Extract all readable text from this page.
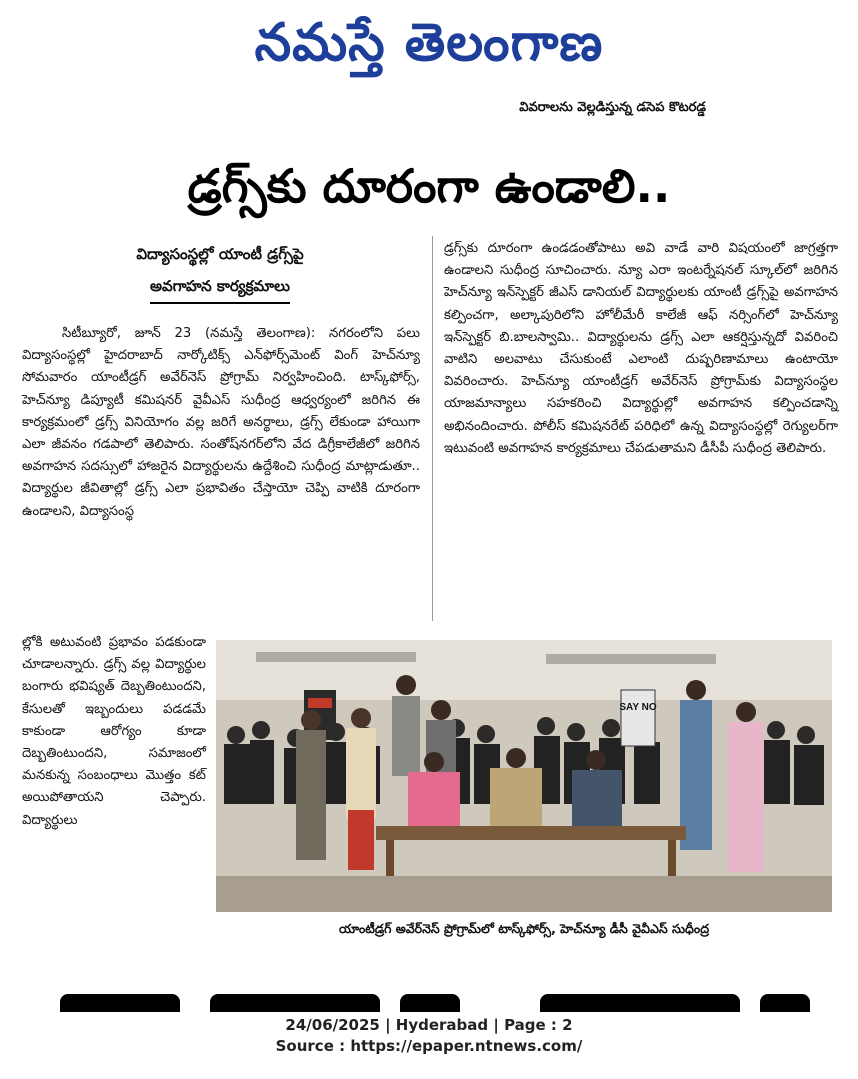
నమస్తే తెలంగాణ
వివరాలను వెల్లడిస్తున్న డసెప కొటరడ్డ
డ్రగ్స్‌కు దూరంగా ఉండాలి..
విద్యాసంస్థల్లో యాంటీ డ్రగ్స్‌పై
అవగాహన కార్యక్రమాలు
సిటీబ్యూరో, జూన్ 23 (నమస్తే తెలంగాణ): నగరంలోని పలు విద్యాసంస్థల్లో హైదరాబాద్ నార్కోటిక్స్ ఎన్‌ఫోర్స్‌మెంట్ వింగ్ హెచ్‌న్యూ సోమవారం యాంటీడ్రగ్ అవేర్‌నెస్ ప్రోగ్రామ్ నిర్వహించింది. టాస్క్‌ఫోర్స్, హెచ్‌న్యూ డిప్యూటీ కమిషనర్ వైవీఎస్ సుధీంద్ర ఆధ్వర్యంలో జరిగిన ఈ కార్యక్రమంలో డ్రగ్స్ వినియోగం వల్ల జరిగే అనర్థాలు, డ్రగ్స్ లేకుండా హాయిగా ఎలా జీవనం గడపాలో తెలిపారు. సంతోష్‌నగర్‌లోని వేద డిగ్రీకాలేజీలో జరిగిన అవగాహన సదస్సులో హాజరైన విద్యార్థులను ఉద్దేశించి సుధీంద్ర మాట్లాడుతూ.. విద్యార్థుల జీవితాల్లో డ్రగ్స్ ఎలా ప్రభావితం చేస్తాయో చెప్పి వాటికి దూరంగా ఉండాలని, విద్యాసంస్థ
ల్లోకి అటువంటి ప్రభావం పడకుండా చూడాలన్నారు. డ్రగ్స్ వల్ల విద్యార్థుల బంగారు భవిష్యత్ దెబ్బతింటుందని, కేసులతో ఇబ్బందులు పడడమే కాకుండా ఆరోగ్యం కూడా దెబ్బతింటుందని, సమాజంలో మనకున్న సంబంధాలు మొత్తం కట్ అయిపోతాయని చెప్పారు. విద్యార్థులు
డ్రగ్స్‌కు దూరంగా ఉండడంతోపాటు అవి వాడే వారి విషయంలో జాగ్రత్తగా ఉండాలని సుధీంద్ర సూచించారు. న్యూ ఎరా ఇంటర్నేషనల్ స్కూల్‌లో జరిగిన హెచ్‌న్యూ ఇన్‌స్పెక్టర్ జీఎస్ డానియల్ విద్యార్థులకు యాంటీ డ్రగ్స్‌పై అవగాహన కల్పించగా, అల్కాపురిలోని హోలీమేరీ కాలేజీ ఆఫ్ నర్సింగ్‌లో హెచ్‌న్యూ ఇన్‌స్పెక్టర్ బి.బాలస్వామి.. విద్యార్థులను డ్రగ్స్ ఎలా ఆకర్షిస్తున్నదో వివరించి వాటిని అలవాటు చేసుకుంటే ఎలాంటి దుష్పరిణామాలు ఉంటాయో వివరించారు. హెచ్‌న్యూ యాంటీడ్రగ్ అవేర్‌నెస్ ప్రోగ్రామ్‌కు విద్యాసంస్థల యాజమాన్యాలు సహకరించి విద్యార్థుల్లో అవగాహన కల్పించడాన్ని అభినందించారు. పోలీస్ కమిషనరేట్ పరిధిలో ఉన్న విద్యాసంస్థల్లో రెగ్యులర్‌గా ఇటువంటి అవగాహన కార్యక్రమాలు చేపడుతామని డీసీపీ సుధీంద్ర తెలిపారు.
SAY NO
యాంటీడ్రగ్ అవేర్‌నెస్ ప్రోగ్రామ్‌లో టాస్క్‌ఫోర్స్, హెచ్‌న్యూ డీసీ వైవీఎస్ సుధీంద్ర
24/06/2025 | Hyderabad | Page : 2
Source : https://epaper.ntnews.com/
